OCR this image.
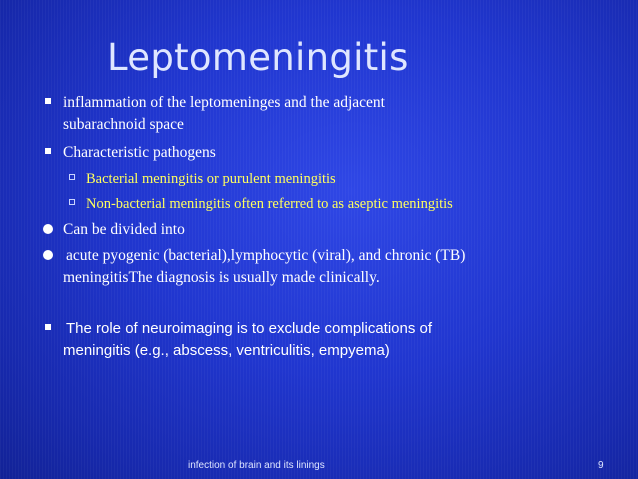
Leptomeningitis
inflammation of the leptomeninges and the adjacent
subarachnoid space
Characteristic pathogens
Bacterial meningitis or purulent meningitis
Non-bacterial meningitis often referred to as aseptic meningitis
Can be divided into
acute pyogenic (bacterial),lymphocytic (viral), and chronic (TB)
meningitisThe diagnosis is usually made clinically.
The role of neuroimaging is to exclude complications of
meningitis (e.g., abscess, ventriculitis, empyema)
infection of brain and its linings	9
